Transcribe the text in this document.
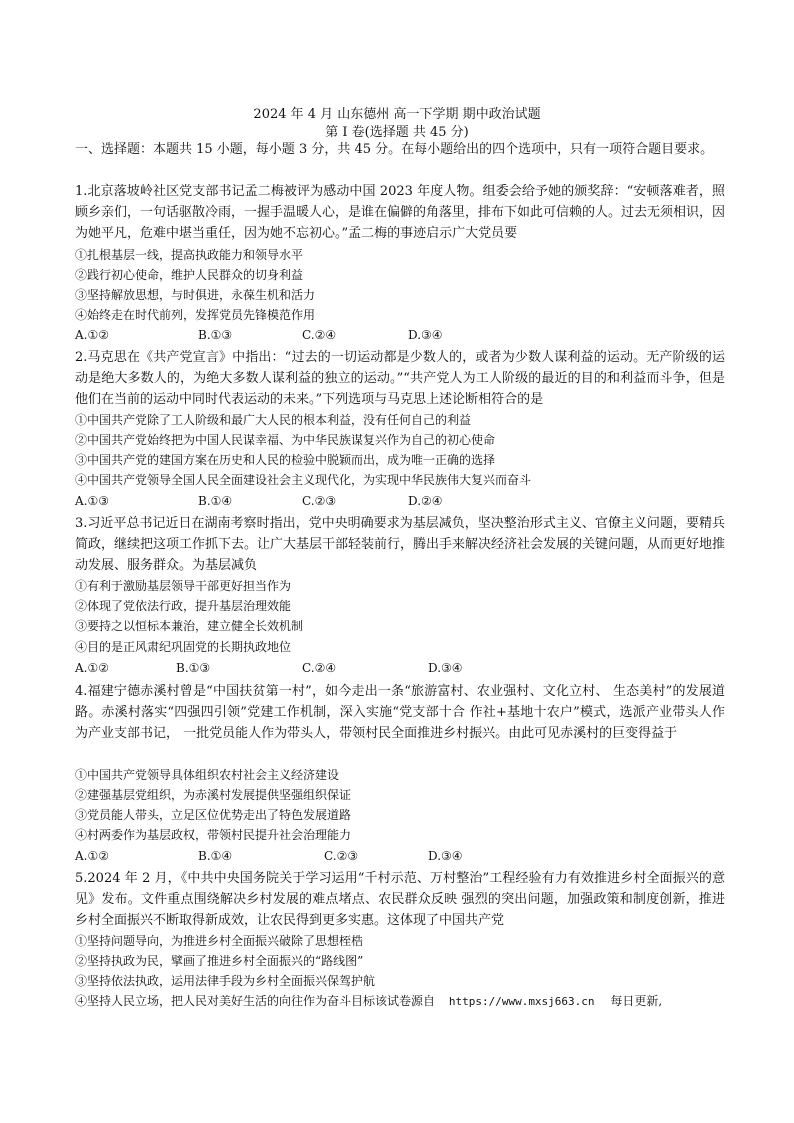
2024 年 4 月 山东德州 高一下学期 期中政治试题
第 I 卷(选择题 共 45 分)
一、选择题：本题共 15 小题，每小题 3 分，共 45 分。在每小题给出的四个选项中，只有一项符合题目要求。
1.北京落坡岭社区党支部书记孟二梅被评为感动中国 2023 年度人物。组委会给予她的颁奖辞：“安顿落难者，照顾乡亲们，一句话驱散冷雨，一握手温暖人心，是谁在偏僻的角落里，排布下如此可信赖的人。过去无须相识，因为她平凡，危难中堪当重任，因为她不忘初心。”孟二梅的事迹启示广大党员要
①扎根基层一线，提高执政能力和领导水平
②践行初心使命，维护人民群众的切身利益
③坚持解放思想，与时俱进，永葆生机和活力
④始终走在时代前列，发挥党员先锋模范作用
A.①②	B.①③	C.②④	D.③④
2.马克思在《共产党宣言》中指出：“过去的一切运动都是少数人的，或者为少数人谋利益的运动。无产阶级的运动是绝大多数人的，为绝大多数人谋利益的独立的运动。”“共产党人为工人阶级的最近的目的和利益而斗争，但是他们在当前的运动中同时代表运动的未来。”下列选项与马克思上述论断相符合的是
①中国共产党除了工人阶级和最广大人民的根本利益，没有任何自己的利益
②中国共产党始终把为中国人民谋幸福、为中华民族谋复兴作为自己的初心使命
③中国共产党的建国方案在历史和人民的检验中脱颖而出，成为唯一正确的选择
④中国共产党领导全国人民全面建设社会主义现代化，为实现中华民族伟大复兴而奋斗
A.①③	B.①④	C.②③	D.②④
3.习近平总书记近日在湖南考察时指出，党中央明确要求为基层减负，坚决整治形式主义、官僚主义问题，要精兵简政，继续把这项工作抓下去。让广大基层干部轻装前行，腾出手来解决经济社会发展的关键问题，从而更好地推动发展、服务群众。为基层减负
①有利于激励基层领导干部更好担当作为
②体现了党依法行政，提升基层治理效能
③要持之以恒标本兼治，建立健全长效机制
④目的是正风肃纪巩固党的长期执政地位
A.①②	B.①③	C.②④	D.③④
4.福建宁德赤溪村曾是“中国扶贫第一村”，如今走出一条“旅游富村、农业强村、文化立村、 生态美村”的发展道路。赤溪村落实“四强四引领”党建工作机制，深入实施“党支部十合 作社+基地十农户”模式，选派产业带头人作为产业支部书记， 一批党员能人作为带头人，带领村民全面推进乡村振兴。由此可见赤溪村的巨变得益于
①中国共产党领导具体组织农村社会主义经济建设
②建强基层党组织，为赤溪村发展提供坚强组织保证
③党员能人带头，立足区位优势走出了特色发展道路
④村两委作为基层政权，带领村民提升社会治理能力
A.①②	B.①④	C.②③	D.③④
5.2024 年 2 月，《中共中央国务院关于学习运用“千村示范、万村整治”工程经验有力有效推进乡村全面振兴的意见》发布。文件重点围绕解决乡村发展的难点堵点、农民群众反映 强烈的突出问题，加强政策和制度创新，推进乡村全面振兴不断取得新成效，让农民得到更多实惠。这体现了中国共产党
①坚持问题导向，为推进乡村全面振兴破除了思想桎梏
②坚持执政为民，擘画了推进乡村全面振兴的“路线图”
③坚持依法执政，运用法律手段为乡村全面振兴保驾护航
④坚持人民立场，把人民对美好生活的向往作为奋斗目标该试卷源自 https://www.mxsj663.cn 每日更新,
